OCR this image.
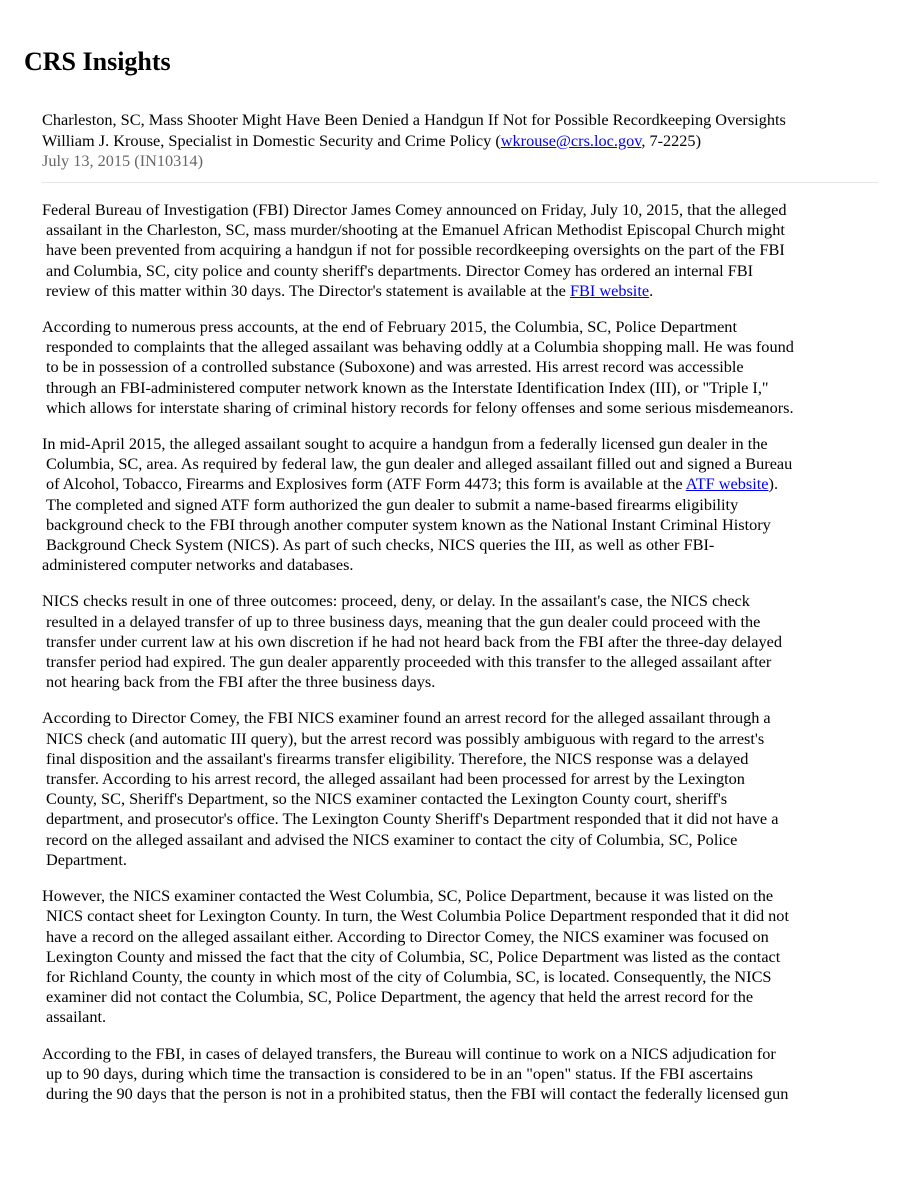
CRS Insights
Charleston, SC, Mass Shooter Might Have Been Denied a Handgun If Not for Possible Recordkeeping Oversights
William J. Krouse, Specialist in Domestic Security and Crime Policy (wkrouse@crs.loc.gov, 7-2225)
July 13, 2015 (IN10314)

Federal Bureau of Investigation (FBI) Director James Comey announced on Friday, July 10, 2015, that the alleged
assailant in the Charleston, SC, mass murder/shooting at the Emanuel African Methodist Episcopal Church might
have been prevented from acquiring a handgun if not for possible recordkeeping oversights on the part of the FBI
and Columbia, SC, city police and county sheriff's departments. Director Comey has ordered an internal FBI
review of this matter within 30 days. The Director's statement is available at the FBI website.

According to numerous press accounts, at the end of February 2015, the Columbia, SC, Police Department
responded to complaints that the alleged assailant was behaving oddly at a Columbia shopping mall. He was found
to be in possession of a controlled substance (Suboxone) and was arrested. His arrest record was accessible
through an FBI-administered computer network known as the Interstate Identification Index (III), or "Triple I,"
which allows for interstate sharing of criminal history records for felony offenses and some serious misdemeanors.

In mid-April 2015, the alleged assailant sought to acquire a handgun from a federally licensed gun dealer in the
Columbia, SC, area. As required by federal law, the gun dealer and alleged assailant filled out and signed a Bureau
of Alcohol, Tobacco, Firearms and Explosives form (ATF Form 4473; this form is available at the ATF website).
The completed and signed ATF form authorized the gun dealer to submit a name-based firearms eligibility
background check to the FBI through another computer system known as the National Instant Criminal History
Background Check System (NICS). As part of such checks, NICS queries the III, as well as other FBI-
administered computer networks and databases.

NICS checks result in one of three outcomes: proceed, deny, or delay. In the assailant's case, the NICS check
resulted in a delayed transfer of up to three business days, meaning that the gun dealer could proceed with the
transfer under current law at his own discretion if he had not heard back from the FBI after the three-day delayed
transfer period had expired. The gun dealer apparently proceeded with this transfer to the alleged assailant after
not hearing back from the FBI after the three business days.

According to Director Comey, the FBI NICS examiner found an arrest record for the alleged assailant through a
NICS check (and automatic III query), but the arrest record was possibly ambiguous with regard to the arrest's
final disposition and the assailant's firearms transfer eligibility. Therefore, the NICS response was a delayed
transfer. According to his arrest record, the alleged assailant had been processed for arrest by the Lexington
County, SC, Sheriff's Department, so the NICS examiner contacted the Lexington County court, sheriff's
department, and prosecutor's office. The Lexington County Sheriff's Department responded that it did not have a
record on the alleged assailant and advised the NICS examiner to contact the city of Columbia, SC, Police
Department.

However, the NICS examiner contacted the West Columbia, SC, Police Department, because it was listed on the
NICS contact sheet for Lexington County. In turn, the West Columbia Police Department responded that it did not
have a record on the alleged assailant either. According to Director Comey, the NICS examiner was focused on
Lexington County and missed the fact that the city of Columbia, SC, Police Department was listed as the contact
for Richland County, the county in which most of the city of Columbia, SC, is located. Consequently, the NICS
examiner did not contact the Columbia, SC, Police Department, the agency that held the arrest record for the
assailant.

According to the FBI, in cases of delayed transfers, the Bureau will continue to work on a NICS adjudication for
up to 90 days, during which time the transaction is considered to be in an "open" status. If the FBI ascertains
during the 90 days that the person is not in a prohibited status, then the FBI will contact the federally licensed gun
